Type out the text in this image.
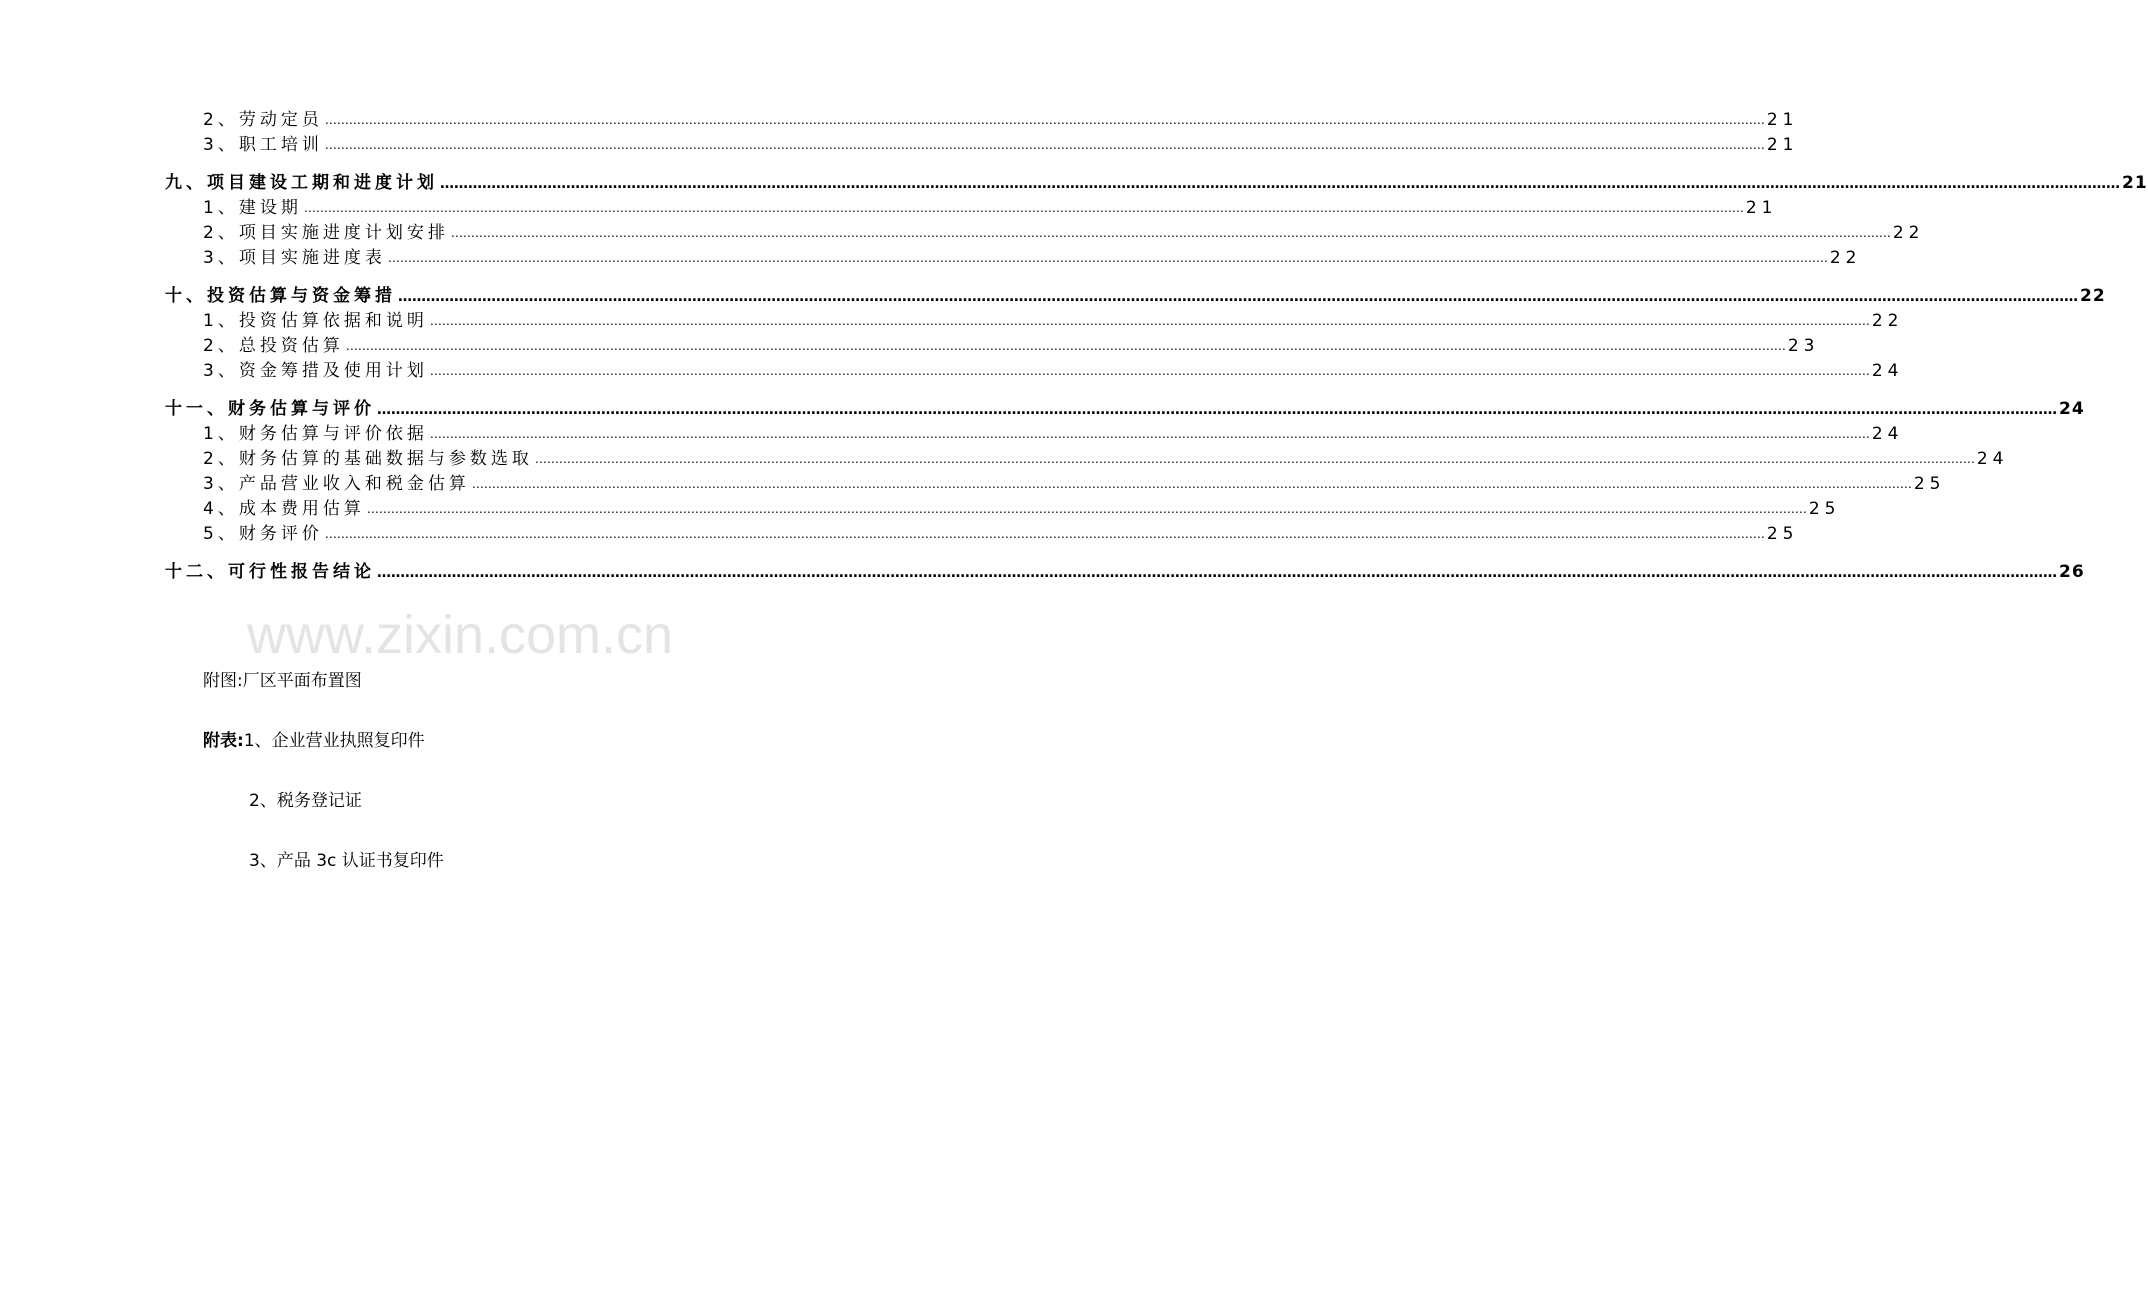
2、劳动定员 ……………………………………………………………………………………………………………………………………………………………………………………………………………………………………………………………………………………………………………………………… 21
3、职工培训 ……………………………………………………………………………………………………………………………………………………………………………………………………………………………………………………………………………………………………………………………… 21
九、项目建设工期和进度计划 ……………………………………………………………………………………………………………………………………………………………………………………………………………………………………………………………………………………………………………………………… 21
1、建设期 ……………………………………………………………………………………………………………………………………………………………………………………………………………………………………………………………………………………………………………………………… 21
2、项目实施进度计划安排 ……………………………………………………………………………………………………………………………………………………………………………………………………………………………………………………………………………………………………………………………… 22
3、项目实施进度表 ……………………………………………………………………………………………………………………………………………………………………………………………………………………………………………………………………………………………………………………………… 22
十、投资估算与资金筹措 ……………………………………………………………………………………………………………………………………………………………………………………………………………………………………………………………………………………………………………………………… 22
1、投资估算依据和说明 ……………………………………………………………………………………………………………………………………………………………………………………………………………………………………………………………………………………………………………………………… 22
2、总投资估算 ……………………………………………………………………………………………………………………………………………………………………………………………………………………………………………………………………………………………………………………………… 23
3、资金筹措及使用计划 ……………………………………………………………………………………………………………………………………………………………………………………………………………………………………………………………………………………………………………………………… 24
十一、财务估算与评价 ……………………………………………………………………………………………………………………………………………………………………………………………………………………………………………………………………………………………………………………………… 24
1、财务估算与评价依据 ……………………………………………………………………………………………………………………………………………………………………………………………………………………………………………………………………………………………………………………………… 24
2、财务估算的基础数据与参数选取 ……………………………………………………………………………………………………………………………………………………………………………………………………………………………………………………………………………………………………………………………… 24
3、产品营业收入和税金估算 ……………………………………………………………………………………………………………………………………………………………………………………………………………………………………………………………………………………………………………………………… 25
4、成本费用估算 ……………………………………………………………………………………………………………………………………………………………………………………………………………………………………………………………………………………………………………………………… 25
5、财务评价 ……………………………………………………………………………………………………………………………………………………………………………………………………………………………………………………………………………………………………………………………… 25
十二、可行性报告结论 ……………………………………………………………………………………………………………………………………………………………………………………………………………………………………………………………………………………………………………………………… 26
www.zixin.com.cn
附图:厂区平面布置图
附表:1、企业营业执照复印件
2、税务登记证
3、产品 3c 认证书复印件
